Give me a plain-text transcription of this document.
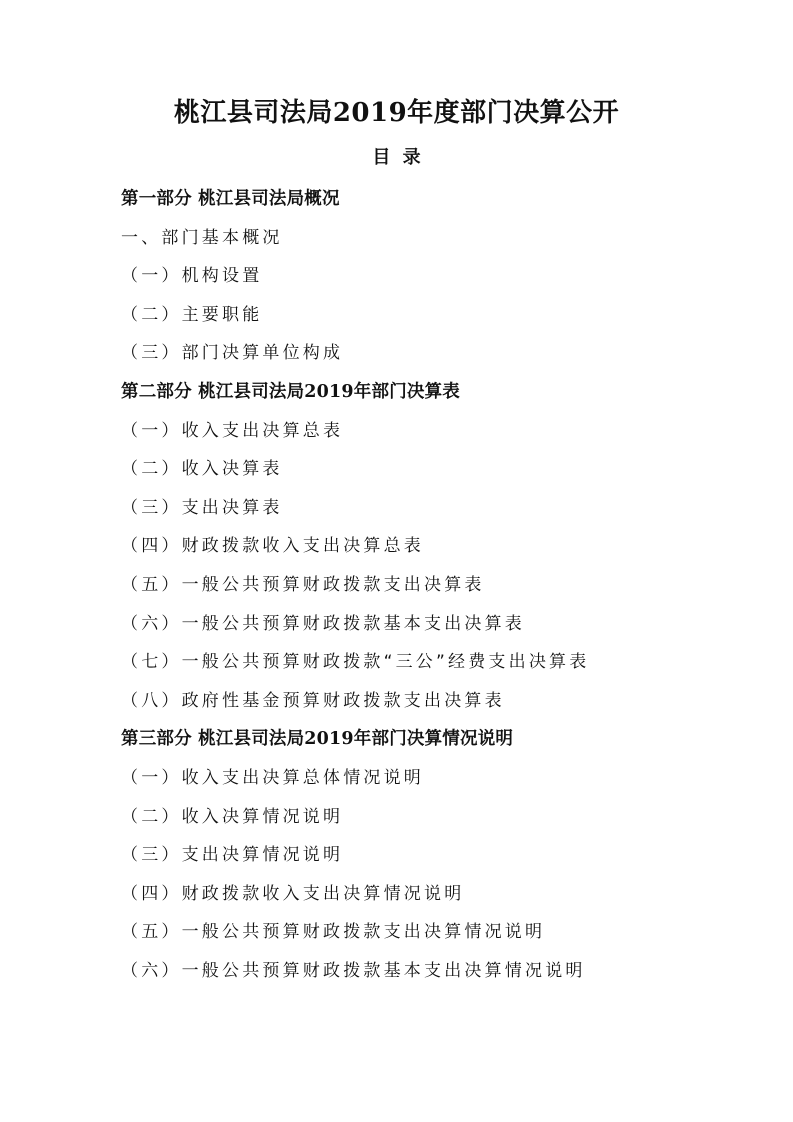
桃江县司法局2019年度部门决算公开
目 录
第一部分 桃江县司法局概况
一、部门基本概况
（一）机构设置
（二）主要职能
（三）部门决算单位构成
第二部分 桃江县司法局2019年部门决算表
（一）收入支出决算总表
（二）收入决算表
（三）支出决算表
（四）财政拨款收入支出决算总表
（五）一般公共预算财政拨款支出决算表
（六）一般公共预算财政拨款基本支出决算表
（七）一般公共预算财政拨款“三公”经费支出决算表
（八）政府性基金预算财政拨款支出决算表
第三部分 桃江县司法局2019年部门决算情况说明
（一）收入支出决算总体情况说明
（二）收入决算情况说明
（三）支出决算情况说明
（四）财政拨款收入支出决算情况说明
（五）一般公共预算财政拨款支出决算情况说明
（六）一般公共预算财政拨款基本支出决算情况说明
